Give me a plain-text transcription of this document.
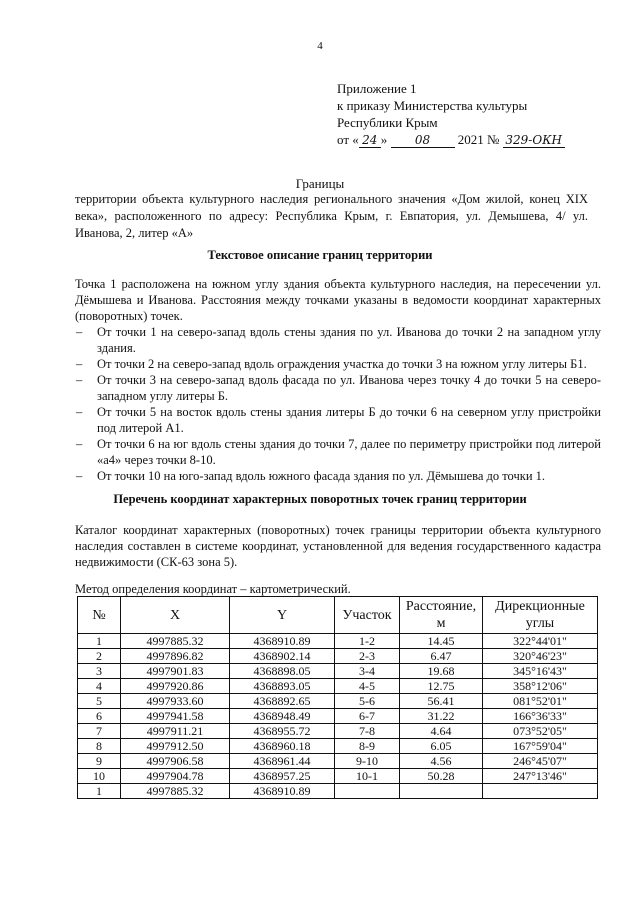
4
Приложение 1
к приказу Министерства культуры
Республики Крым
от « 24 » 08 2021 № 329-ОКН
Границы
территории объекта культурного наследия регионального значения «Дом жилой, конец XIX века», расположенного по адресу: Республика Крым, г. Евпатория, ул. Демышева, 4/ ул. Иванова, 2, литер «А»
Текстовое описание границ территории
Точка 1 расположена на южном углу здания объекта культурного наследия, на пересечении ул. Дёмышева и Иванова. Расстояния между точками указаны в ведомости координат характерных (поворотных) точек.
– От точки 1 на северо-запад вдоль стены здания по ул. Иванова до точки 2 на западном углу здания.
– От точки 2 на северо-запад вдоль ограждения участка до точки 3 на южном углу литеры Б1.
– От точки 3 на северо-запад вдоль фасада по ул. Иванова через точку 4 до точки 5 на северо-западном углу литеры Б.
– От точки 5 на восток вдоль стены здания литеры Б до точки 6 на северном углу пристройки под литерой А1.
– От точки 6 на юг вдоль стены здания до точки 7, далее по периметру пристройки под литерой «а4» через точки 8-10.
– От точки 10 на юго-запад вдоль южного фасада здания по ул. Дёмышева до точки 1.
Перечень координат характерных поворотных точек границ территории
Каталог координат характерных (поворотных) точек границы территории объекта культурного наследия составлен в системе координат, установленной для ведения государственного кадастра недвижимости (СК-63 зона 5).
Метод определения координат – картометрический.
№	X	Y	Участок	Расстояние, м	Дирекционные углы
1	4997885.32	4368910.89	1-2	14.45	322°44'01"
2	4997896.82	4368902.14	2-3	6.47	320°46'23"
3	4997901.83	4368898.05	3-4	19.68	345°16'43"
4	4997920.86	4368893.05	4-5	12.75	358°12'06"
5	4997933.60	4368892.65	5-6	56.41	081°52'01"
6	4997941.58	4368948.49	6-7	31.22	166°36'33"
7	4997911.21	4368955.72	7-8	4.64	073°52'05"
8	4997912.50	4368960.18	8-9	6.05	167°59'04"
9	4997906.58	4368961.44	9-10	4.56	246°45'07"
10	4997904.78	4368957.25	10-1	50.28	247°13'46"
1	4997885.32	4368910.89			
